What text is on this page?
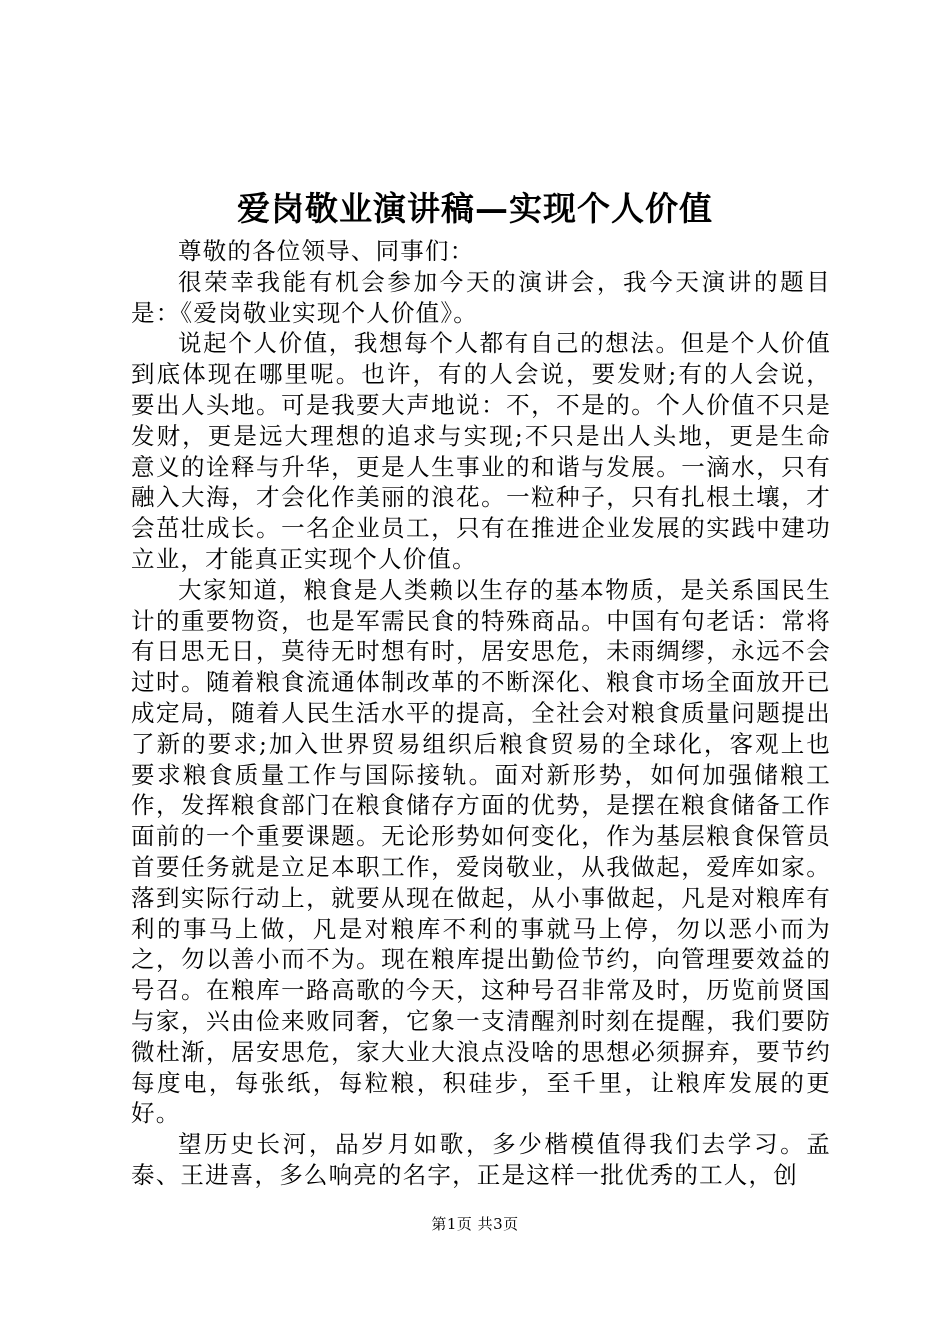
爱岗敬业演讲稿—实现个人价值

尊敬的各位领导、同事们：

很荣幸我能有机会参加今天的演讲会，我今天演讲的题目是：《爱岗敬业实现个人价值》。

说起个人价值，我想每个人都有自己的想法。但是个人价值到底体现在哪里呢。也许，有的人会说，要发财;有的人会说，要出人头地。可是我要大声地说：不，不是的。个人价值不只是发财，更是远大理想的追求与实现;不只是出人头地，更是生命意义的诠释与升华，更是人生事业的和谐与发展。一滴水，只有融入大海，才会化作美丽的浪花。一粒种子，只有扎根土壤，才会茁壮成长。一名企业员工，只有在推进企业发展的实践中建功立业，才能真正实现个人价值。

大家知道，粮食是人类赖以生存的基本物质，是关系国民生计的重要物资，也是军需民食的特殊商品。中国有句老话：常将有日思无日，莫待无时想有时，居安思危，未雨绸缪，永远不会过时。随着粮食流通体制改革的不断深化、粮食市场全面放开已成定局，随着人民生活水平的提高，全社会对粮食质量问题提出了新的要求;加入世界贸易组织后粮食贸易的全球化，客观上也要求粮食质量工作与国际接轨。面对新形势，如何加强储粮工作，发挥粮食部门在粮食储存方面的优势，是摆在粮食储备工作面前的一个重要课题。无论形势如何变化，作为基层粮食保管员首要任务就是立足本职工作，爱岗敬业，从我做起，爱库如家。落到实际行动上，就要从现在做起，从小事做起，凡是对粮库有利的事马上做，凡是对粮库不利的事就马上停，勿以恶小而为之，勿以善小而不为。现在粮库提出勤俭节约，向管理要效益的号召。在粮库一路高歌的今天，这种号召非常及时，历览前贤国与家，兴由俭来败同奢，它象一支清醒剂时刻在提醒，我们要防微杜渐，居安思危，家大业大浪点没啥的思想必须摒弃，要节约每度电，每张纸，每粒粮，积硅步，至千里，让粮库发展的更好。

望历史长河，品岁月如歌，多少楷模值得我们去学习。孟泰、王进喜，多么响亮的名字，正是这样一批优秀的工人，创

第1页 共3页
